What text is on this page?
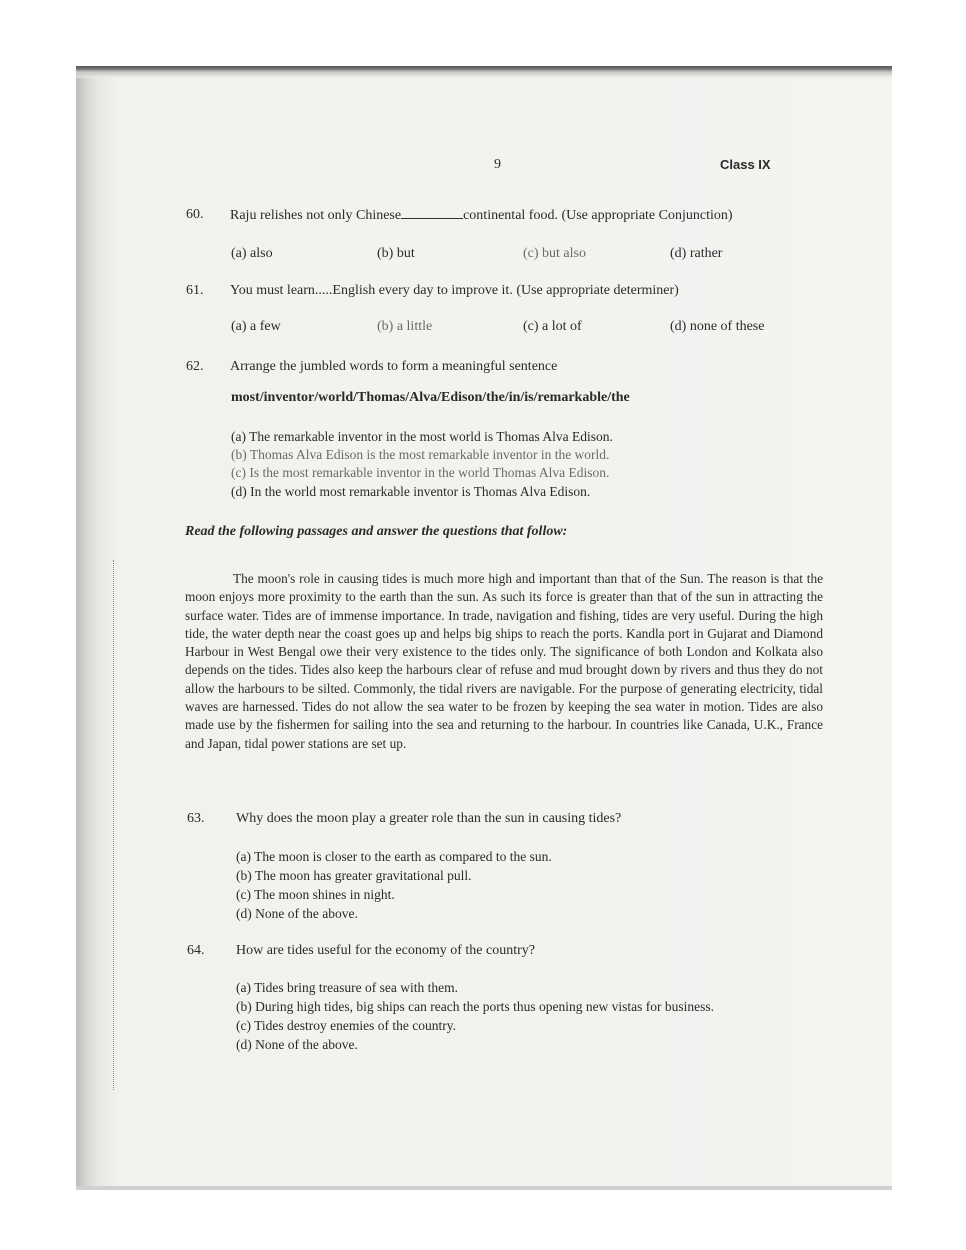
9	Class IX
60. Raju relishes not only Chinese	continental food. (Use appropriate Conjunction)
(a) also	(b) but	(c) but also	(d) rather
61. You must learn.....English every day to improve it. (Use appropriate determiner)
(a) a few	(b) a little	(c) a lot of	(d) none of these
62. Arrange the jumbled words to form a meaningful sentence
most/inventor/world/Thomas/Alva/Edison/the/in/is/remarkable/the
(a) The remarkable inventor in the most world is Thomas Alva Edison.
(b) Thomas Alva Edison is the most remarkable inventor in the world.
(c) Is the most remarkable inventor in the world Thomas Alva Edison.
(d) In the world most remarkable inventor is Thomas Alva Edison.
Read the following passages and answer the questions that follow:
The moon's role in causing tides is much more high and important than that of the Sun. The reason is that the moon enjoys more proximity to the earth than the sun. As such its force is greater than that of the sun in attracting the surface water. Tides are of immense importance. In trade, navigation and fishing, tides are very useful. During the high tide, the water depth near the coast goes up and helps big ships to reach the ports. Kandla port in Gujarat and Diamond Harbour in West Bengal owe their very existence to the tides only. The significance of both London and Kolkata also depends on the tides. Tides also keep the harbours clear of refuse and mud brought down by rivers and thus they do not allow the harbours to be silted. Commonly, the tidal rivers are navigable. For the purpose of generating electricity, tidal waves are harnessed. Tides do not allow the sea water to be frozen by keeping the sea water in motion. Tides are also made use by the fishermen for sailing into the sea and returning to the harbour. In countries like Canada, U.K., France and Japan, tidal power stations are set up.
63. Why does the moon play a greater role than the sun in causing tides?
(a) The moon is closer to the earth as compared to the sun.
(b) The moon has greater gravitational pull.
(c) The moon shines in night.
(d) None of the above.
64. How are tides useful for the economy of the country?
(a) Tides bring treasure of sea with them.
(b) During high tides, big ships can reach the ports thus opening new vistas for business.
(c) Tides destroy enemies of the country.
(d) None of the above.
